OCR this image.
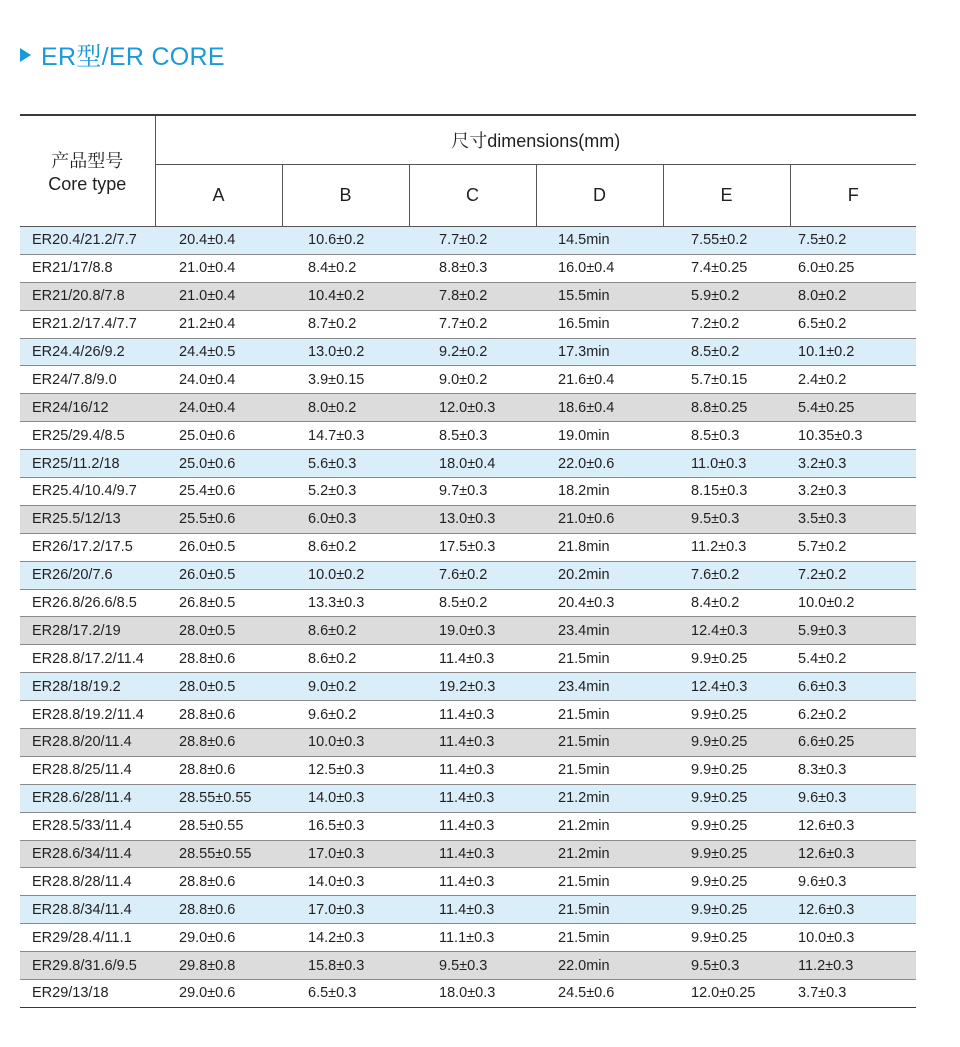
ER型/ER CORE
产品型号
Core type	尺寸dimensions(mm)					
	A	B	C	D	E	F
ER20.4/21.2/7.7	20.4±0.4	10.6±0.2	7.7±0.2	14.5min	7.55±0.2	7.5±0.2
ER21/17/8.8	21.0±0.4	8.4±0.2	8.8±0.3	16.0±0.4	7.4±0.25	6.0±0.25
ER21/20.8/7.8	21.0±0.4	10.4±0.2	7.8±0.2	15.5min	5.9±0.2	8.0±0.2
ER21.2/17.4/7.7	21.2±0.4	8.7±0.2	7.7±0.2	16.5min	7.2±0.2	6.5±0.2
ER24.4/26/9.2	24.4±0.5	13.0±0.2	9.2±0.2	17.3min	8.5±0.2	10.1±0.2
ER24/7.8/9.0	24.0±0.4	3.9±0.15	9.0±0.2	21.6±0.4	5.7±0.15	2.4±0.2
ER24/16/12	24.0±0.4	8.0±0.2	12.0±0.3	18.6±0.4	8.8±0.25	5.4±0.25
ER25/29.4/8.5	25.0±0.6	14.7±0.3	8.5±0.3	19.0min	8.5±0.3	10.35±0.3
ER25/11.2/18	25.0±0.6	5.6±0.3	18.0±0.4	22.0±0.6	11.0±0.3	3.2±0.3
ER25.4/10.4/9.7	25.4±0.6	5.2±0.3	9.7±0.3	18.2min	8.15±0.3	3.2±0.3
ER25.5/12/13	25.5±0.6	6.0±0.3	13.0±0.3	21.0±0.6	9.5±0.3	3.5±0.3
ER26/17.2/17.5	26.0±0.5	8.6±0.2	17.5±0.3	21.8min	11.2±0.3	5.7±0.2
ER26/20/7.6	26.0±0.5	10.0±0.2	7.6±0.2	20.2min	7.6±0.2	7.2±0.2
ER26.8/26.6/8.5	26.8±0.5	13.3±0.3	8.5±0.2	20.4±0.3	8.4±0.2	10.0±0.2
ER28/17.2/19	28.0±0.5	8.6±0.2	19.0±0.3	23.4min	12.4±0.3	5.9±0.3
ER28.8/17.2/11.4	28.8±0.6	8.6±0.2	11.4±0.3	21.5min	9.9±0.25	5.4±0.2
ER28/18/19.2	28.0±0.5	9.0±0.2	19.2±0.3	23.4min	12.4±0.3	6.6±0.3
ER28.8/19.2/11.4	28.8±0.6	9.6±0.2	11.4±0.3	21.5min	9.9±0.25	6.2±0.2
ER28.8/20/11.4	28.8±0.6	10.0±0.3	11.4±0.3	21.5min	9.9±0.25	6.6±0.25
ER28.8/25/11.4	28.8±0.6	12.5±0.3	11.4±0.3	21.5min	9.9±0.25	8.3±0.3
ER28.6/28/11.4	28.55±0.55	14.0±0.3	11.4±0.3	21.2min	9.9±0.25	9.6±0.3
ER28.5/33/11.4	28.5±0.55	16.5±0.3	11.4±0.3	21.2min	9.9±0.25	12.6±0.3
ER28.6/34/11.4	28.55±0.55	17.0±0.3	11.4±0.3	21.2min	9.9±0.25	12.6±0.3
ER28.8/28/11.4	28.8±0.6	14.0±0.3	11.4±0.3	21.5min	9.9±0.25	9.6±0.3
ER28.8/34/11.4	28.8±0.6	17.0±0.3	11.4±0.3	21.5min	9.9±0.25	12.6±0.3
ER29/28.4/11.1	29.0±0.6	14.2±0.3	11.1±0.3	21.5min	9.9±0.25	10.0±0.3
ER29.8/31.6/9.5	29.8±0.8	15.8±0.3	9.5±0.3	22.0min	9.5±0.3	11.2±0.3
ER29/13/18	29.0±0.6	6.5±0.3	18.0±0.3	24.5±0.6	12.0±0.25	3.7±0.3
